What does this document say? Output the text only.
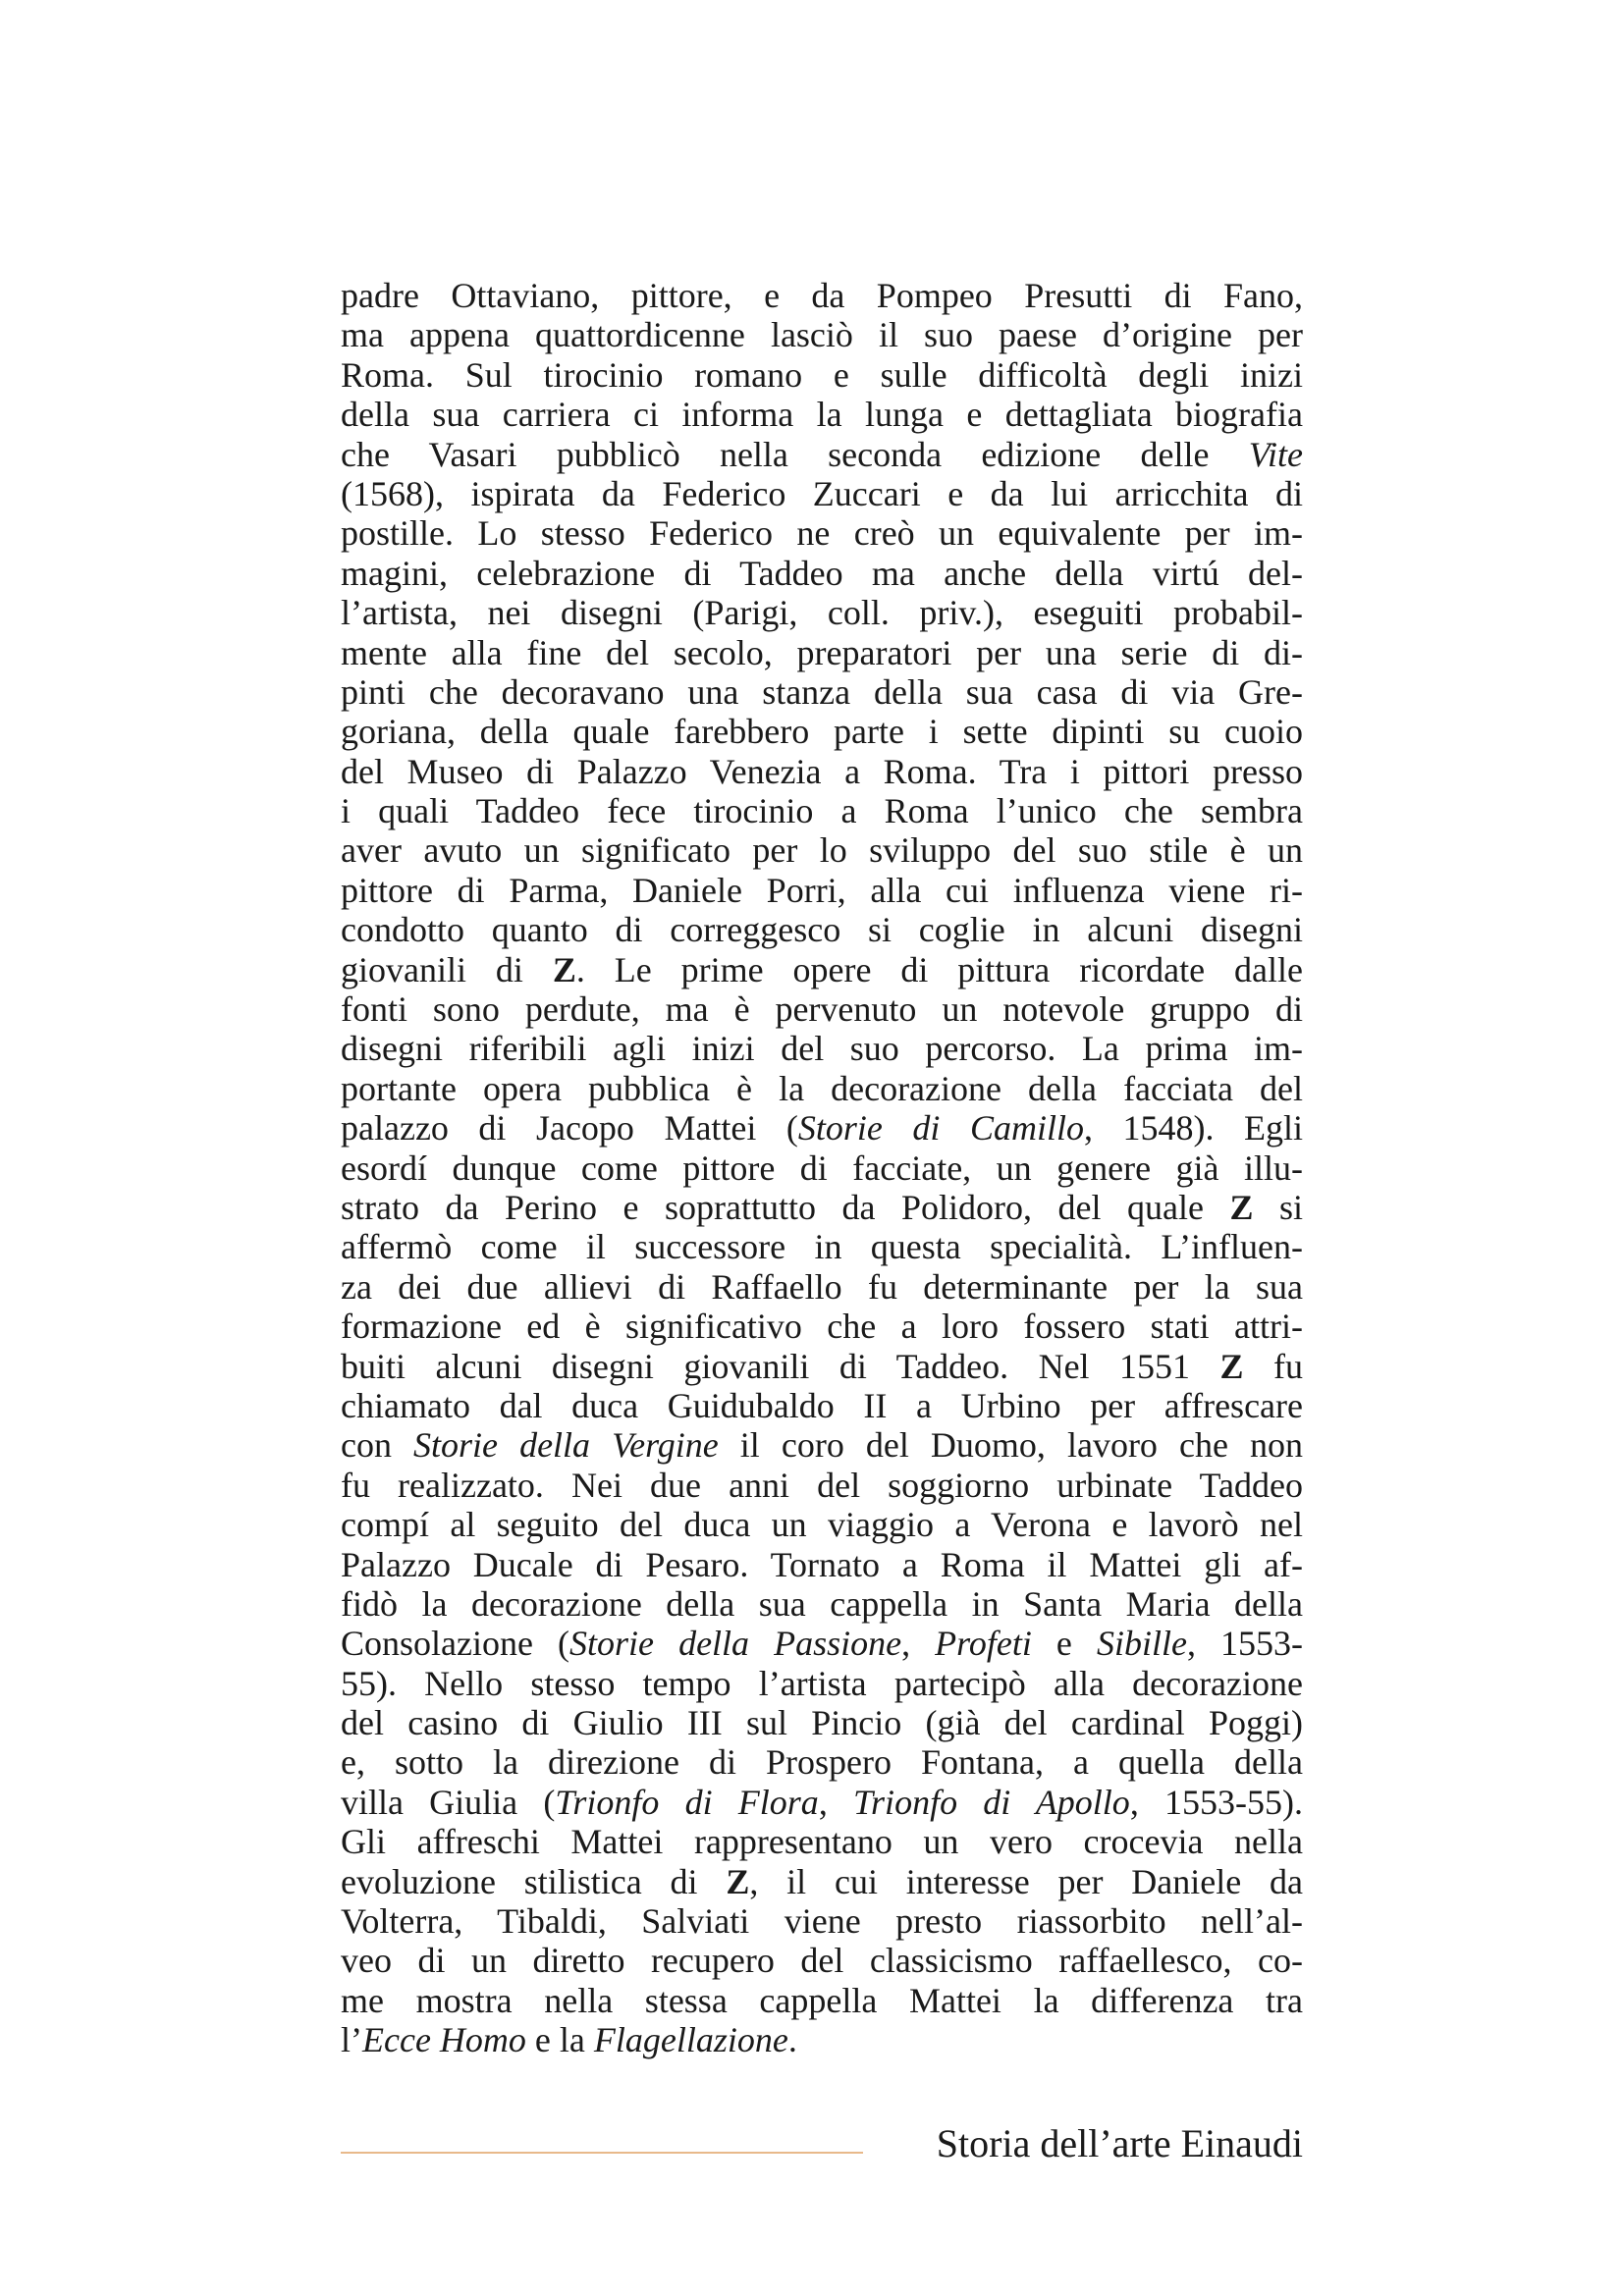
padre Ottaviano, pittore, e da Pompeo Presutti di Fano,
ma appena quattordicenne lasciò il suo paese d’origine per
Roma. Sul tirocinio romano e sulle difficoltà degli inizi
della sua carriera ci informa la lunga e dettagliata biografia
che Vasari pubblicò nella seconda edizione delle Vite
(1568), ispirata da Federico Zuccari e da lui arricchita di
postille. Lo stesso Federico ne creò un equivalente per im-
magini, celebrazione di Taddeo ma anche della virtú del-
l’artista, nei disegni (Parigi, coll. priv.), eseguiti probabil-
mente alla fine del secolo, preparatori per una serie di di-
pinti che decoravano una stanza della sua casa di via Gre-
goriana, della quale farebbero parte i sette dipinti su cuoio
del Museo di Palazzo Venezia a Roma. Tra i pittori presso
i quali Taddeo fece tirocinio a Roma l’unico che sembra
aver avuto un significato per lo sviluppo del suo stile è un
pittore di Parma, Daniele Porri, alla cui influenza viene ri-
condotto quanto di correggesco si coglie in alcuni disegni
giovanili di Z. Le prime opere di pittura ricordate dalle
fonti sono perdute, ma è pervenuto un notevole gruppo di
disegni riferibili agli inizi del suo percorso. La prima im-
portante opera pubblica è la decorazione della facciata del
palazzo di Jacopo Mattei (Storie di Camillo, 1548). Egli
esordí dunque come pittore di facciate, un genere già illu-
strato da Perino e soprattutto da Polidoro, del quale Z si
affermò come il successore in questa specialità. L’influen-
za dei due allievi di Raffaello fu determinante per la sua
formazione ed è significativo che a loro fossero stati attri-
buiti alcuni disegni giovanili di Taddeo. Nel 1551 Z fu
chiamato dal duca Guidubaldo II a Urbino per affrescare
con Storie della Vergine il coro del Duomo, lavoro che non
fu realizzato. Nei due anni del soggiorno urbinate Taddeo
compí al seguito del duca un viaggio a Verona e lavorò nel
Palazzo Ducale di Pesaro. Tornato a Roma il Mattei gli af-
fidò la decorazione della sua cappella in Santa Maria della
Consolazione (Storie della Passione, Profeti e Sibille, 1553-
55). Nello stesso tempo l’artista partecipò alla decorazione
del casino di Giulio III sul Pincio (già del cardinal Poggi)
e, sotto la direzione di Prospero Fontana, a quella della
villa Giulia (Trionfo di Flora, Trionfo di Apollo, 1553-55).
Gli affreschi Mattei rappresentano un vero crocevia nella
evoluzione stilistica di Z, il cui interesse per Daniele da
Volterra, Tibaldi, Salviati viene presto riassorbito nell’al-
veo di un diretto recupero del classicismo raffaellesco, co-
me mostra nella stessa cappella Mattei la differenza tra
l’Ecce Homo e la Flagellazione.
Storia dell’arte Einaudi
